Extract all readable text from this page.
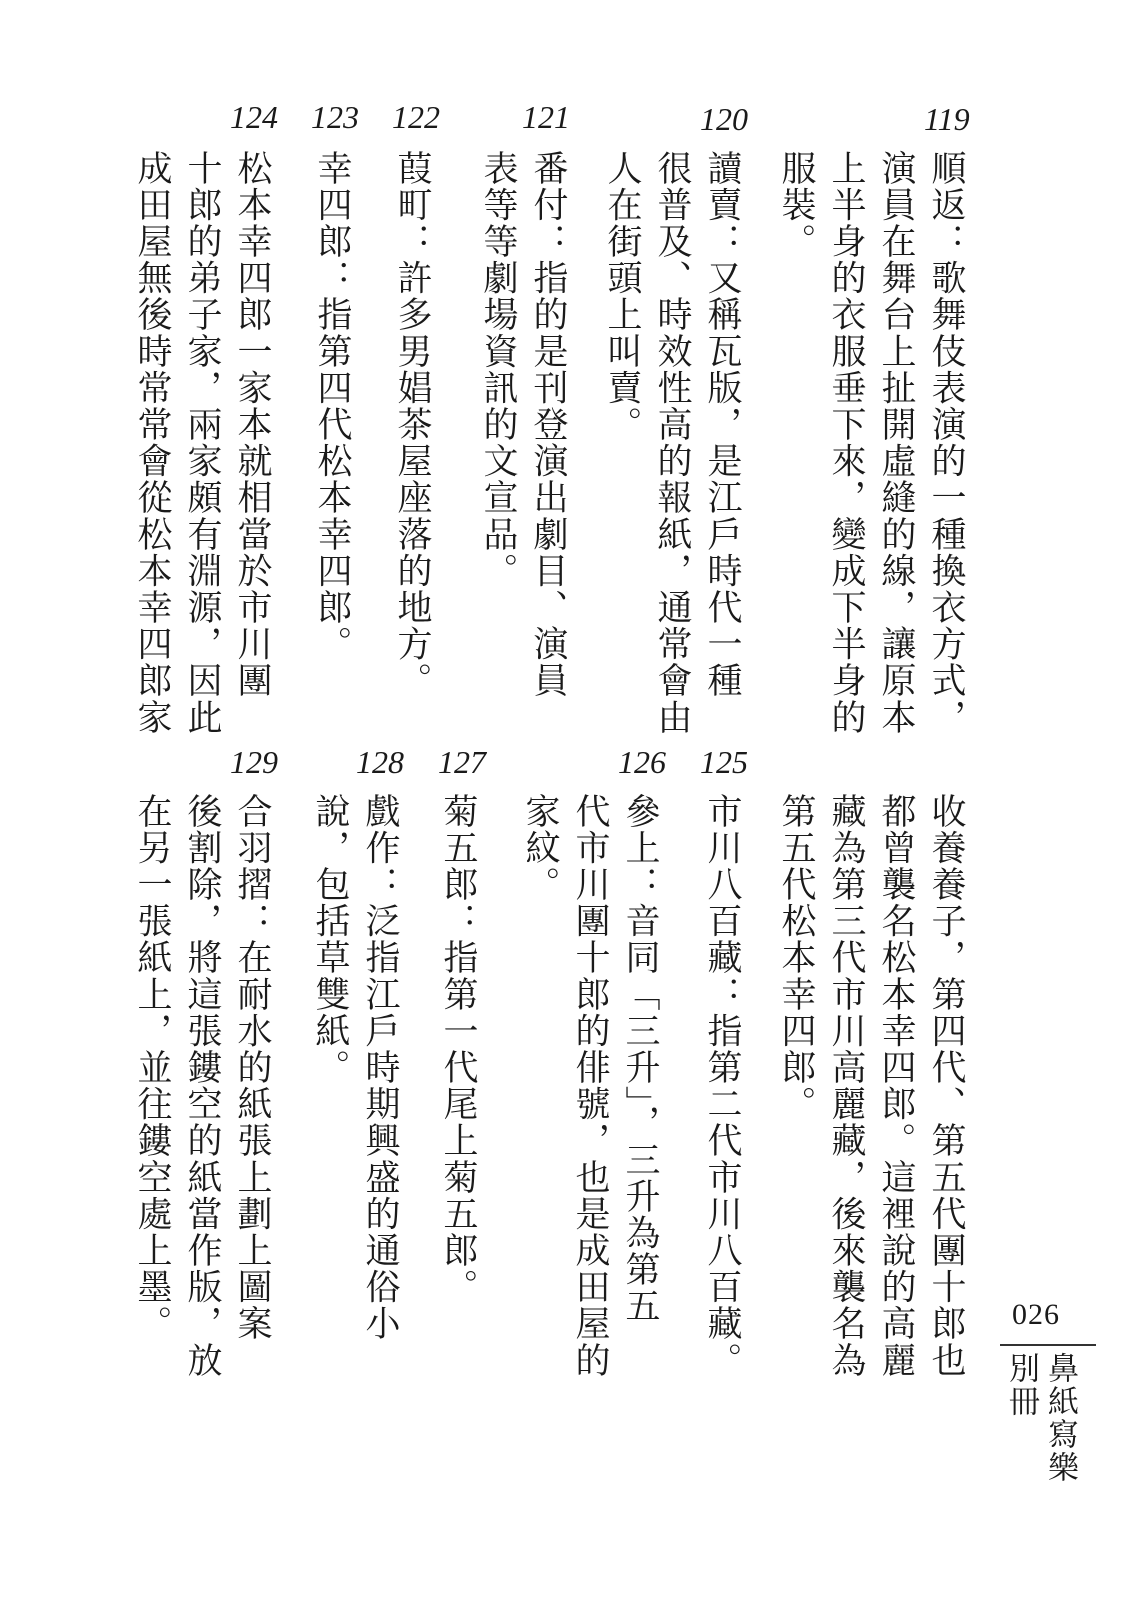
119
120
121
122
123
124
順返：歌舞伎表演的一種換衣方式，
演員在舞台上扯開虛縫的線，讓原本
上半身的衣服垂下來，變成下半身的
服裝。
讀賣：又稱瓦版，是江戶時代一種
很普及、時效性高的報紙，通常會由
人在街頭上叫賣。
番付：指的是刊登演出劇目、演員
表等等劇場資訊的文宣品。
葭町：許多男娼茶屋座落的地方。
幸四郎：指第四代松本幸四郎。
松本幸四郎一家本就相當於市川團
十郎的弟子家，兩家頗有淵源，因此
成田屋無後時常常會從松本幸四郎家
收養養子，第四代、第五代團十郎也
都曾襲名松本幸四郎。這裡說的高麗
藏為第三代市川高麗藏，後來襲名為
第五代松本幸四郎。
125
126
127
128
129
市川八百藏：指第二代市川八百藏。
參上：音同「三升」，三升為第五
代市川團十郎的俳號，也是成田屋的
家紋。
菊五郎：指第一代尾上菊五郎。
戲作：泛指江戶時期興盛的通俗小
說，包括草雙紙。
合羽摺：在耐水的紙張上劃上圖案
後割除，將這張鏤空的紙當作版，放
在另一張紙上，並往鏤空處上墨。	026
鼻紙寫樂
別冊
